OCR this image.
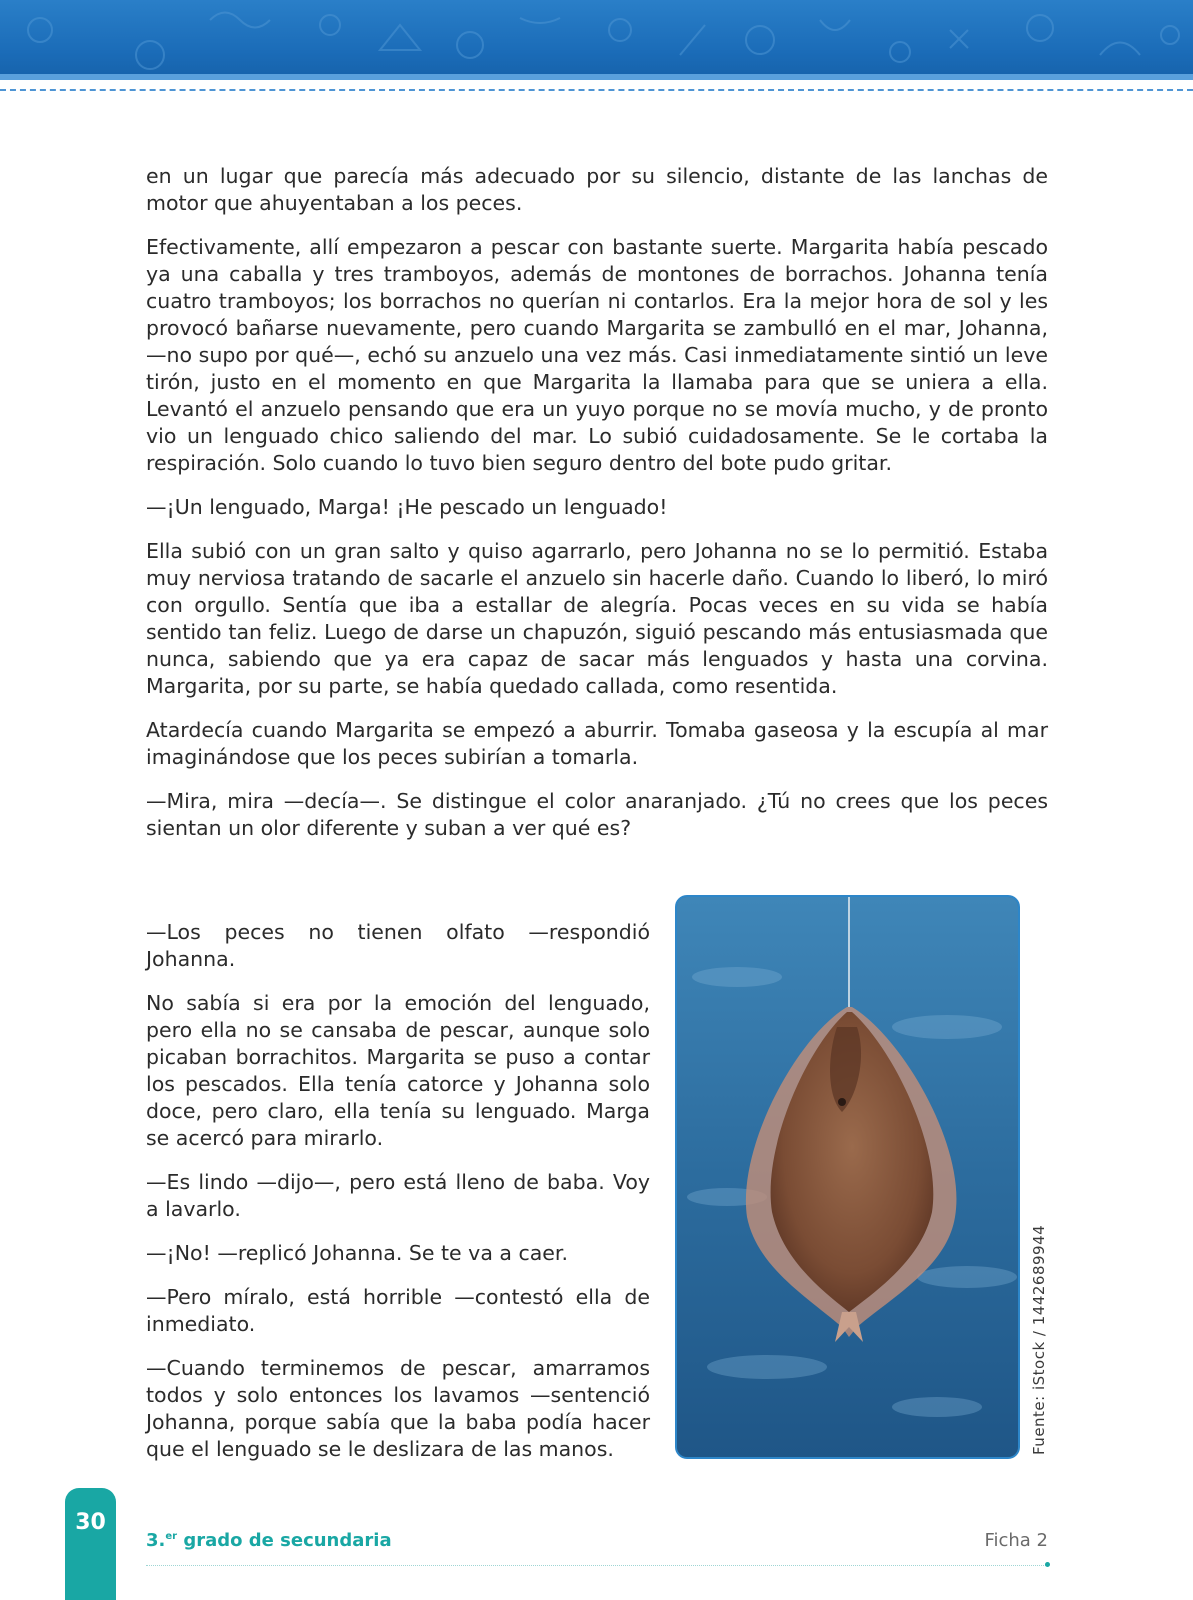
en un lugar que parecía más adecuado por su silencio, distante de las lanchas de motor que ahuyentaban a los peces.

Efectivamente, allí empezaron a pescar con bastante suerte. Margarita había pescado ya una caballa y tres tramboyos, además de montones de borrachos. Johanna tenía cuatro tramboyos; los borrachos no querían ni contarlos. Era la mejor hora de sol y les provocó bañarse nuevamente, pero cuando Margarita se zambulló en el mar, Johanna, —no supo por qué—, echó su anzuelo una vez más. Casi inmediatamente sintió un leve tirón, justo en el momento en que Margarita la llamaba para que se uniera a ella. Levantó el anzuelo pensando que era un yuyo porque no se movía mucho, y de pronto vio un lenguado chico saliendo del mar. Lo subió cuidadosamente. Se le cortaba la respiración. Solo cuando lo tuvo bien seguro dentro del bote pudo gritar.

—¡Un lenguado, Marga! ¡He pescado un lenguado!

Ella subió con un gran salto y quiso agarrarlo, pero Johanna no se lo permitió. Estaba muy nerviosa tratando de sacarle el anzuelo sin hacerle daño. Cuando lo liberó, lo miró con orgullo. Sentía que iba a estallar de alegría. Pocas veces en su vida se había sentido tan feliz. Luego de darse un chapuzón, siguió pescando más entusiasmada que nunca, sabiendo que ya era capaz de sacar más lenguados y hasta una corvina. Margarita, por su parte, se había quedado callada, como resentida.

Atardecía cuando Margarita se empezó a aburrir. Tomaba gaseosa y la escupía al mar imaginándose que los peces subirían a tomarla.

—Mira, mira —decía—. Se distingue el color anaranjado. ¿Tú no crees que los peces sientan un olor diferente y suban a ver qué es?

—Los peces no tienen olfato —respondió Johanna.

No sabía si era por la emoción del lenguado, pero ella no se cansaba de pescar, aunque solo picaban borrachitos. Margarita se puso a contar los pescados. Ella tenía catorce y Johanna solo doce, pero claro, ella tenía su lenguado. Marga se acercó para mirarlo.

—Es lindo —dijo—, pero está lleno de baba. Voy a lavarlo.

—¡No! —replicó Johanna. Se te va a caer.

—Pero míralo, está horrible —contestó ella de inmediato.

—Cuando terminemos de pescar, amarramos todos y solo entonces los lavamos —sentenció Johanna, porque sabía que la baba podía hacer que el lenguado se le deslizara de las manos.	Fuente: iStock / 1442689944
30
3.$^{er}$ grado de secundaria	Ficha 2
